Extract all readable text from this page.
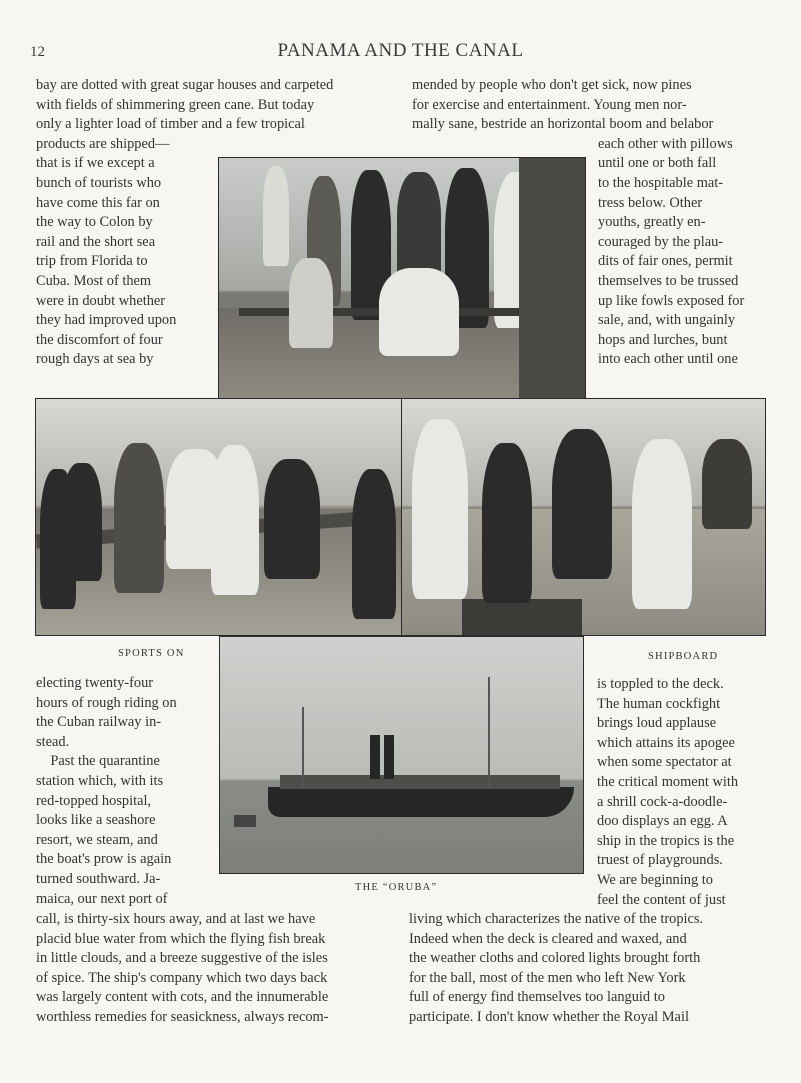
12	PANAMA AND THE CANAL
bay are dotted with great sugar houses and carpeted
with fields of shimmering green cane. But today
only a lighter load of timber and a few tropical
products are shipped—
that is if we except a
bunch of tourists who
have come this far on
the way to Colon by
rail and the short sea
trip from Florida to
Cuba. Most of them
were in doubt whether
they had improved upon
the discomfort of four
rough days at sea by
mended by people who don't get sick, now pines
for exercise and entertainment. Young men nor-
mally sane, bestride an horizontal boom and belabor
each other with pillows
until one or both fall
to the hospitable mat-
tress below. Other
youths, greatly en-
couraged by the plau-
dits of fair ones, permit
themselves to be trussed
up like fowls exposed for
sale, and, with ungainly
hops and lurches, bunt
into each other until one
SPORTS ON	SHIPBOARD
electing twenty-four
hours of rough riding on
the Cuban railway in-
stead.
Past the quarantine
station which, with its
red-topped hospital,
looks like a seashore
resort, we steam, and
the boat's prow is again
turned southward. Ja-
maica, our next port of
THE “ORUBA”
is toppled to the deck.
The human cockfight
brings loud applause
which attains its apogee
when some spectator at
the critical moment with
a shrill cock-a-doodle-
doo displays an egg. A
ship in the tropics is the
truest of playgrounds.
We are beginning to
feel the content of just
call, is thirty-six hours away, and at last we have
placid blue water from which the flying fish break
in little clouds, and a breeze suggestive of the isles
of spice. The ship's company which two days back
was largely content with cots, and the innumerable
worthless remedies for seasickness, always recom-
living which characterizes the native of the tropics.
Indeed when the deck is cleared and waxed, and
the weather cloths and colored lights brought forth
for the ball, most of the men who left New York
full of energy find themselves too languid to
participate. I don't know whether the Royal Mail
